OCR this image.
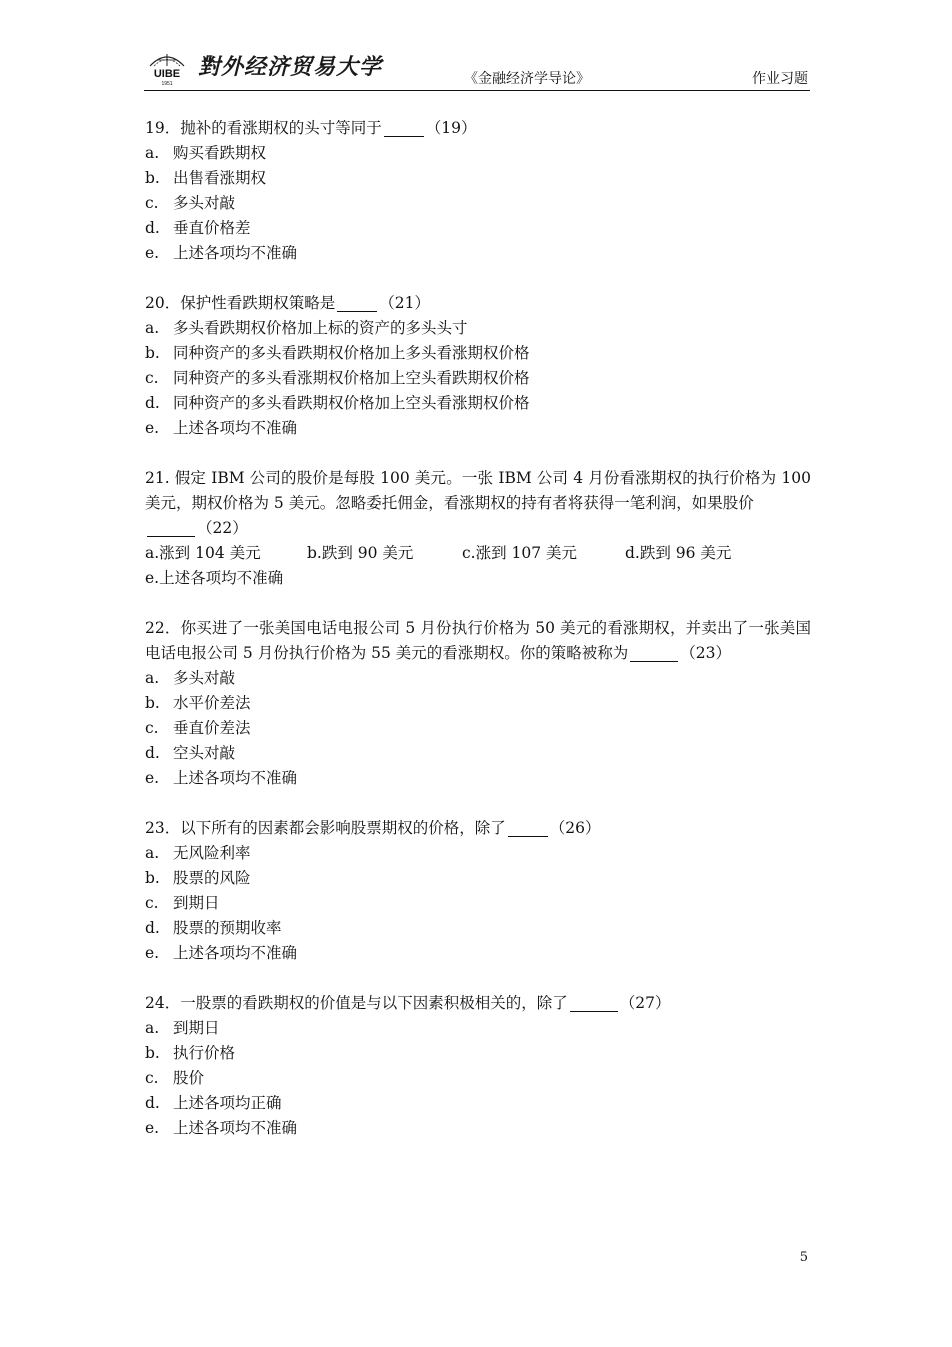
UIBE
1951
對外经济贸易大学	《金融经济学导论》	作业习题
19．抛补的看涨期权的头寸等同于	（19）
a. 购买看跌期权
b. 出售看涨期权
c. 多头对敲
d. 垂直价格差
e. 上述各项均不准确
20．保护性看跌期权策略是	（21）
a. 多头看跌期权价格加上标的资产的多头头寸
b. 同种资产的多头看跌期权价格加上多头看涨期权价格
c. 同种资产的多头看涨期权价格加上空头看跌期权价格
d. 同种资产的多头看跌期权价格加上空头看涨期权价格
e. 上述各项均不准确
21. 假定 IBM 公司的股价是每股 100 美元。一张 IBM 公司 4 月份看涨期权的执行价格为 100 美元，期权价格为 5 美元。忽略委托佣金，看涨期权的持有者将获得一笔利润，如果股价
（22）
a.涨到 104 美元	b.跌到 90 美元	c.涨到 107 美元	d.跌到 96 美元
e.上述各项均不准确
22．你买进了一张美国电话电报公司 5 月份执行价格为 50 美元的看涨期权，并卖出了一张美国电话电报公司 5 月份执行价格为 55 美元的看涨期权。你的策略被称为	（23）
a. 多头对敲
b. 水平价差法
c. 垂直价差法
d. 空头对敲
e. 上述各项均不准确
23．以下所有的因素都会影响股票期权的价格，除了	（26）
a. 无风险利率
b. 股票的风险
c. 到期日
d. 股票的预期收率
e. 上述各项均不准确
24．一股票的看跌期权的价值是与以下因素积极相关的，除了	（27）
a. 到期日
b. 执行价格
c. 股价
d. 上述各项均正确
e. 上述各项均不准确
5
